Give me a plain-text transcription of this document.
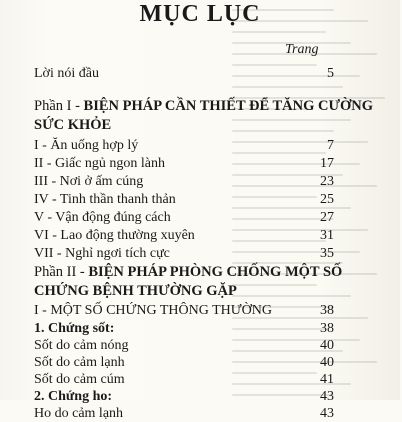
MỤC LỤC
Trang
Lời nói đầu	5
Phần I - BIỆN PHÁP CẦN THIẾT ĐỂ TĂNG CƯỜNG
SỨC KHỎE
I - Ăn uống hợp lý	7
II - Giấc ngủ ngon lành	17
III - Nơi ở ấm cúng	23
IV - Tinh thần thanh thản	25
V - Vận động đúng cách	27
VI - Lao động thường xuyên	31
VII - Nghỉ ngơi tích cực	35
Phần II - BIỆN PHÁP PHÒNG CHỐNG MỘT SỐ
CHỨNG BỆNH THƯỜNG GẶP
I - MỘT SỐ CHỨNG THÔNG THƯỜNG	38
1. Chứng sốt:	38
Sốt do cảm nóng	40
Sốt do cảm lạnh	40
Sốt do cảm cúm	41
2. Chứng ho:	43
Ho do cảm lạnh	43
